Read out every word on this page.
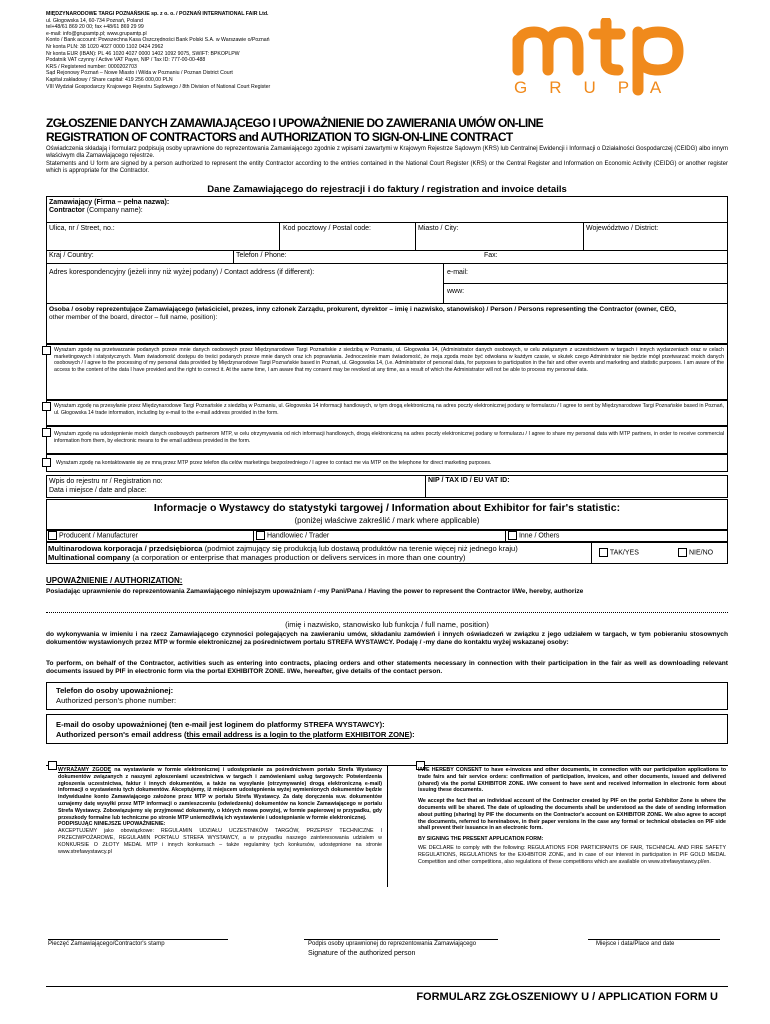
MIĘDZYNARODOWE TARGI POZNAŃSKIE sp. z o. o. / POZNAŃ INTERNATIONAL FAIR Ltd.
ul. Głogowska 14, 60-734 Poznań, Poland
tel+48/61 869 20 00; fax +48/61 869 29 99
e-mail: info@grupamtp.pl; www.grupamtp.pl
Konto / Bank account: Powszechna Kasa Oszczędności Bank Polski S.A. w Warszawie o/Poznań
Nr konta PLN: 38 1020 4027 0000 1102 0424 2962
Nr konta EUR (IBAN): PL 46 1020 4027 0000 1402 1092 9075, SWIFT: BPKOPLPW
Podatnik VAT czynny / Active VAT Payer, NIP / Tax ID: 777-00-00-488
KRS / Registered number: 0000202703
Sąd Rejonowy Poznań – Nowe Miasto i Wilda w Poznaniu / Poznan District Court
Kapitał zakładowy / Share capital: 419 256 000,00 PLN
VIII Wydział Gospodarczy Krajowego Rejestru Sądowego / 8th Division of National Court Register	GRUPA
ZGŁOSZENIE DANYCH ZAMAWIAJĄCEGO I UPOWAŻNIENIE DO ZAWIERANIA UMÓW ON-LINE
REGISTRATION OF CONTRACTORS and AUTHORIZATION TO SIGN-ON-LINE CONTRACT
Oświadczenia składają i formularz podpisują osoby uprawnione do reprezentowania Zamawiającego zgodnie z wpisami zawartymi w Krajowym Rejestrze Sądowym (KRS) lub Centralnej Ewidencji i Informacji o Działalności Gospodarczej (CEIDG) albo innym właściwym dla Zamawiającego rejestrze.
Statements and U form are signed by a person authorized to represent the entity Contractor according to the entries contained in the National Court Register (KRS) or the Central Register and Information on Economic Activity (CEIDG) or another register which is appropriate for the Contractor.
Dane Zamawiającego do rejestracji i do faktury / registration and invoice details
Zamawiający (Firma – pełna nazwa):
Contractor (Company name):
Ulica, nr / Street, no.:	Kod pocztowy / Postal code:	Miasto / City:	Województwo / District:
Kraj / Country:	Telefon / Phone:	Fax:
Adres korespondencyjny (jeżeli inny niż wyżej podany) / Contact address (if different):	e-mail:
www:
Osoba / osoby reprezentujące Zamawiającego (właściciel, prezes, inny członek Zarządu, prokurent, dyrektor – imię i nazwisko, stanowisko) / Person / Persons representing the Contractor (owner, CEO,
other member of the board, director – full name, position):
Wyrażam zgodę na przetwarzanie podanych przeze mnie danych osobowych przez Międzynarodowe Targi Poznańskie z siedzibą w Poznaniu, ul. Głogowska 14, (Administrator danych osobowych, w celu związanym z uczestnictwem w targach i innych wydarzeniach oraz w celach marketingowych i statystycznych. Mam świadomość dostępu do treści podanych przeze mnie danych oraz ich poprawiania. Jednocześnie mam świadomość, że moja zgoda może być odwołana w każdym czasie, w skutek czego Administrator nie będzie mógł przetwarzać moich danych osobowych / I agree to the processing of my personal data provided by Międzynarodowe Targi Poznańskie based in Poznań, ul. Głogowska 14, (i.e. Administrator of personal data, for purposes to participation in the fair and other events and marketing and statistic purposes. I am aware of the access to the content of the data I have provided and the right to correct it. At the same time, I am aware that my consent may be revoked at any time, as a result of which the Administrator will not be able to process my personal data.
Wyrażam zgodę na przesyłanie przez Międzynarodowe Targi Poznańskie z siedzibą w Poznaniu, ul. Głogowska 14 informacji handlowych, w tym drogą elektroniczną na adres poczty elektronicznej podany w formularzu / I agree to sent by Międzynarodowe Targi Poznańskie based in Poznań, ul. Głogowska 14 trade information, including by e-mail to the e-mail address provided in the form.
Wyrażam zgodę na udostępnienie moich danych osobowych partnerom MTP, w celu otrzymywania od nich informacji handlowych, drogą elektroniczną na adres poczty elektronicznej podany w formularzu / I agree to share my personal data with MTP partners, in order to receive commercial information from them, by electronic means to the email address provided in the form.
Wyrażam zgodę na kontaktowanie się ze mną przez MTP przez telefon dla celów marketingu bezpośredniego / I agree to contact me via MTP on the telephone for direct marketing purposes.
Wpis do rejestru nr / Registration no:
Data i miejsce / date and place:
NIP / TAX ID / EU VAT ID:
Informacje o Wystawcy do statystyki targowej / Information about Exhibitor for fair's statistic:
(poniżej właściwe zakreślić / mark where applicable)
Producent / Manufacturer	Handlowiec / Trader	Inne / Others
Multinarodowa korporacja / przedsiębiorca (podmiot zajmujący się produkcją lub dostawą produktów na terenie więcej niż jednego kraju)
Multinational company (a corporation or enterprise that manages production or delivers services in more than one country)
TAK/YES	NIE/NO
UPOWAŻNIENIE / AUTHORIZATION:
Posiadając uprawnienie do reprezentowania Zamawiającego niniejszym upoważniam / -my Pani/Pana / Having the power to represent the Contractor I/We, hereby, authorize
(imię i nazwisko, stanowisko lub funkcja / full name, position)
do wykonywania w imieniu i na rzecz Zamawiającego czynności polegających na zawieraniu umów, składaniu zamówień i innych oświadczeń w związku z jego udziałem w targach, w tym pobieraniu stosownych dokumentów wystawionych przez MTP w formie elektronicznej za pośrednictwem portalu STREFA WYSTAWCY. Podaję / -my dane do kontaktu wyżej wskazanej osoby:
To perform, on behalf of the Contractor, activities such as entering into contracts, placing orders and other statements necessary in connection with their participation in the fair as well as downloading relevant documents issued by PIF in electronic form via the portal EXHIBITOR ZONE. I/We, hereafter, give details of the contact person.
Telefon do osoby upoważnionej:
Authorized person's phone number:
E-mail do osoby upoważnionej (ten e-mail jest loginem do platformy STREFA WYSTAWCY):
Authorized person's email address (this email address is a login to the platform EXHIBITOR ZONE):
WYRAŻAMY ZGODĘ na wystawianie w formie elektronicznej i udostępnianie za pośrednictwem portalu Strefa Wystawcy dokumentów związanych z naszymi zgłoszeniami uczestnictwa w targach i zamówieniami usług targowych: Potwierdzenia zgłoszenia uczestnictwa, faktur i innych dokumentów, a także na wysyłanie (otrzymywanie) drogą elektroniczną e-mail) informacji o wystawieniu tych dokumentów. Akceptujemy, iż miejscem udostępnienia wyżej wymienionych dokumentów będzie indywidualne konto Zamawiającego założone przez MTP w portalu Strefa Wystawcy. Za datę doręczenia w.w. dokumentów uznajemy datę wysyłki przez MTP informacji o zamieszczeniu (odwiedzeniu) dokumentów na koncie Zamawiającego w portalu Strefa Wystawcy. Zobowiązujemy się przyjmować dokumenty, o których mowa powyżej, w formie papierowej w przypadku, gdy przeszkody formalne lub techniczne po stronie MTP uniemożliwią ich wystawienie i udostępnianie w formie elektronicznej.
PODPISUJĄC NINIEJSZE UPOWAŻNIENIE:
AKCEPTUJEMY jako obowiązkowe: REGULAMIN UDZIAŁU UCZESTNIKÓW TARGÓW, PRZEPISY TECHNICZNE I PRZECIWPOŻAROWE, REGULAMIN PORTALU STREFA WYSTAWCY, a w przypadku naszego zainteresowania udziałem w KONKURSIE O ZŁOTY MEDAL MTP i innych konkursach – także regulaminy tych konkursów, udostępnione na stronie www.strefawystawcy.pl
I/WE HEREBY CONSENT to have e-invoices and other documents, in connection with our participation applications to trade fairs and fair service orders: confirmation of participation, invoices, and other documents, issued and delivered (shared) via the portal EXHIBITOR ZONE. I/We consent to have sent and received information in electronic form about issuing these documents.
We accept the fact that an individual account of the Contractor created by PIF on the portal Exhibitor Zone is where the documents will be shared. The date of uploading the documents shall be understood as the date of sending information about putting (sharing) by PIF the documents on the Contractor's account on EXHIBITOR ZONE. We also agree to accept the documents, referred to hereinabove, in their paper versions in the case any formal or technical obstacles on PIF side shall prevent their issuance in an electronic form.
BY SIGNING THE PRESENT APPLICATION FORM:
WE DECLARE to comply with the following: REGULATIONS FOR PARTICIPANTS OF FAIR, TECHNICAL AND FIRE SAFETY REGULATIONS, REGULATIONS for the EXHIBITOR ZONE, and in case of our interest in participation in PIF GOLD MEDAL Competition and other competitions, also regulations of these competitions which are available on www.strefawystawcy.pl/en.
Pieczęć Zamawiającego/Contractor's stamp	Podpis osoby uprawnionej do reprezentowania Zamawiającego
Signature of the authorized person
Miejsce i data/Place and date
FORMULARZ ZGŁOSZENIOWY U / APPLICATION FORM U
